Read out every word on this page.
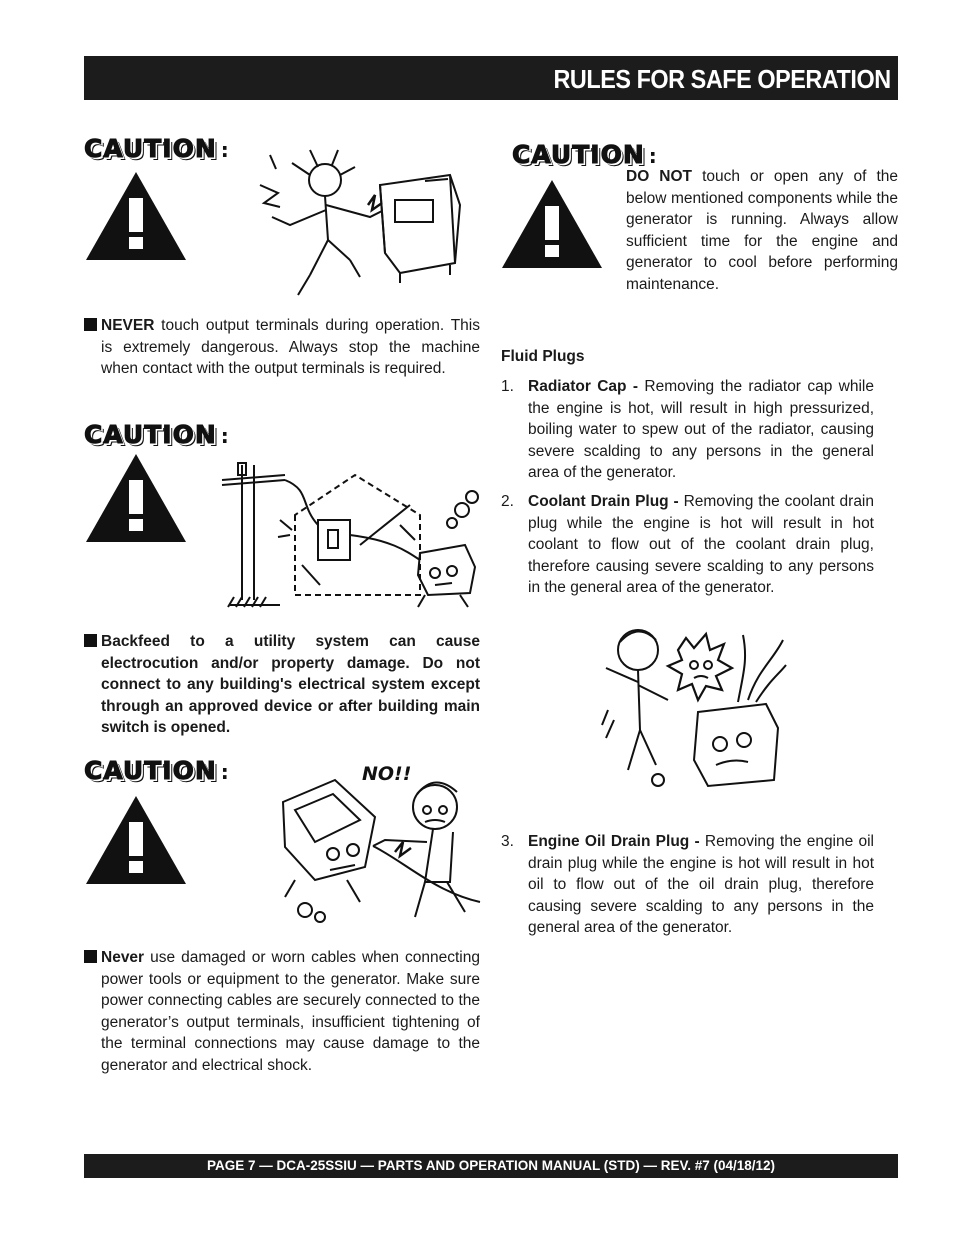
RULES FOR SAFE OPERATION
CAUTION :
NEVER touch output terminals during operation. This is extremely dangerous. Always stop the machine when contact with the output terminals is required.
CAUTION :
Backfeed to a utility system can cause electrocution and/or property damage. Do not connect to any building's electrical system except through an approved device or after building main switch is opened.
CAUTION :	NO!!
Never use damaged or worn cables when connecting power tools or equipment to the generator. Make sure power connecting cables are securely connected to the generator’s output terminals, insufficient tightening of the terminal connections may cause damage to the generator and electrical shock.
CAUTION :
DO NOT touch or open any of the below mentioned components while the generator is running. Always allow sufficient time for the engine and generator to cool before performing maintenance.
Fluid Plugs
1. Radiator Cap - Removing the radiator cap while the engine is hot, will result in high pressurized, boiling water to spew out of the radiator, causing severe scalding to any persons in the general area of the generator.
2. Coolant Drain Plug - Removing the coolant drain plug while the engine is hot will result in hot coolant to flow out of the coolant drain plug, therefore causing severe scalding to any persons in the general area of the generator.
3. Engine Oil Drain Plug - Removing the engine oil drain plug while the engine is hot will result in hot oil to flow out of the oil drain plug, therefore causing severe scalding to any persons in the general area of the generator.
PAGE 7 — DCA-25SSIU — PARTS AND OPERATION MANUAL (STD) — REV. #7 (04/18/12)
